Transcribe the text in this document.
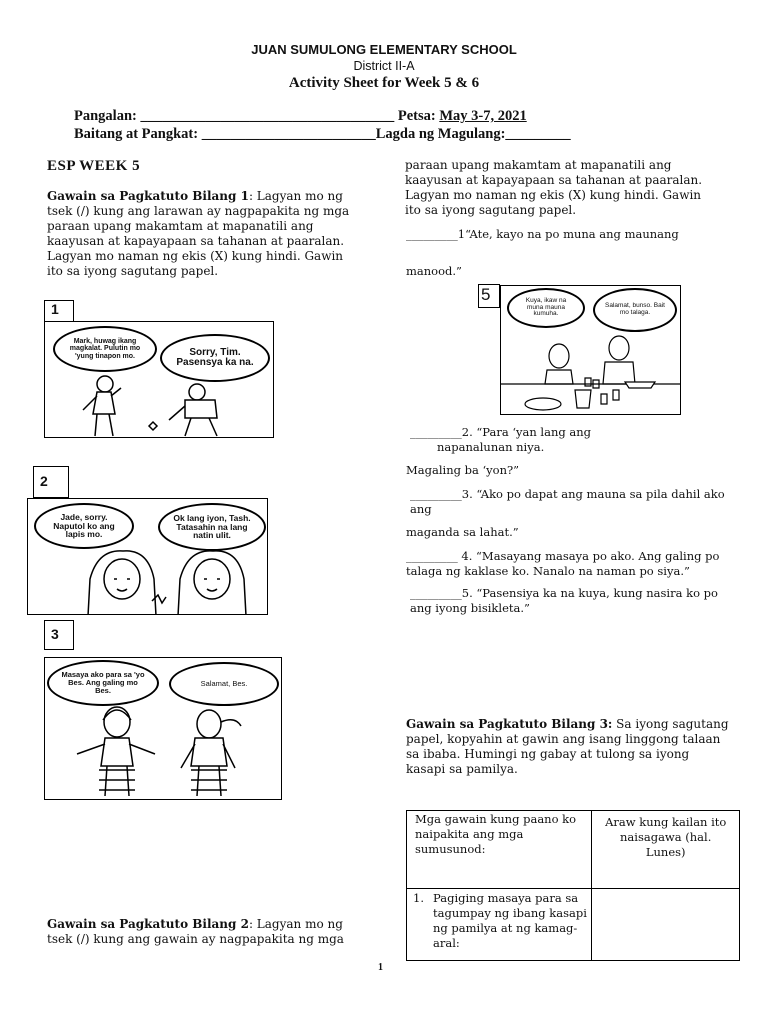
JUAN SUMULONG ELEMENTARY SCHOOL
District II-A
Activity Sheet for Week 5 & 6
Pangalan: ___________________________________ Petsa: May 3-7, 2021
Baitang at Pangkat: ________________________Lagda ng Magulang:_________
ESP WEEK 5
Gawain sa Pagkatuto Bilang 1: Lagyan mo ng tsek (/) kung ang larawan ay nagpapakita ng mga paraan upang makamtam at mapanatili ang kaayusan at kapayapaan sa tahanan at paaralan. Lagyan mo naman ng ekis (X) kung hindi. Gawin ito sa iyong sagutang papel.
1
Mark, huwag ikang magkalat. Pulutin mo 'yung tinapon mo.	Sorry, Tim. Pasensya ka na.
2
Jade, sorry. Naputol ko ang lapis mo.
Ok lang iyon, Tash. Tatasahin na lang natin ulit.
3
Masaya ako para sa 'yo Bes. Ang galing mo Bes.
Salamat, Bes.
Gawain sa Pagkatuto Bilang 2: Lagyan mo ng tsek (/) kung ang gawain ay nagpapakita ng mga
paraan upang makamtam at mapanatili ang kaayusan at kapayapaan sa tahanan at paaralan. Lagyan mo naman ng ekis (X) kung hindi. Gawin ito sa iyong sagutang papel.
_________1“Ate, kayo na po muna ang maunang
manood.”
Kuya, ikaw na muna mauna kumuha.
Salamat, bunso. Bait mo talaga.
5
_________2. “Para ‘yan lang ang
napanalunan niya.
Magaling ba ‘yon?”
_________3. “Ako po dapat ang mauna sa pila dahil ako ang
maganda sa lahat.”
_________ 4. “Masayang masaya po ako. Ang galing po talaga ng kaklase ko. Nanalo na naman po siya.”
_________5. “Pasensiya ka na kuya, kung nasira ko po ang iyong bisikleta.”
Gawain sa Pagkatuto Bilang 3: Sa iyong sagutang papel, kopyahin at gawin ang isang linggong talaan sa ibaba. Humingi ng gabay at tulong sa iyong kasapi sa pamilya.
Mga gawain kung paano ko naipakita ang mga sumusunod:	Araw kung kailan ito naisagawa (hal. Lunes)

1. Pagiging masaya para sa tagumpay ng ibang kasapi ng pamilya at ng kamag- aral:	

1
